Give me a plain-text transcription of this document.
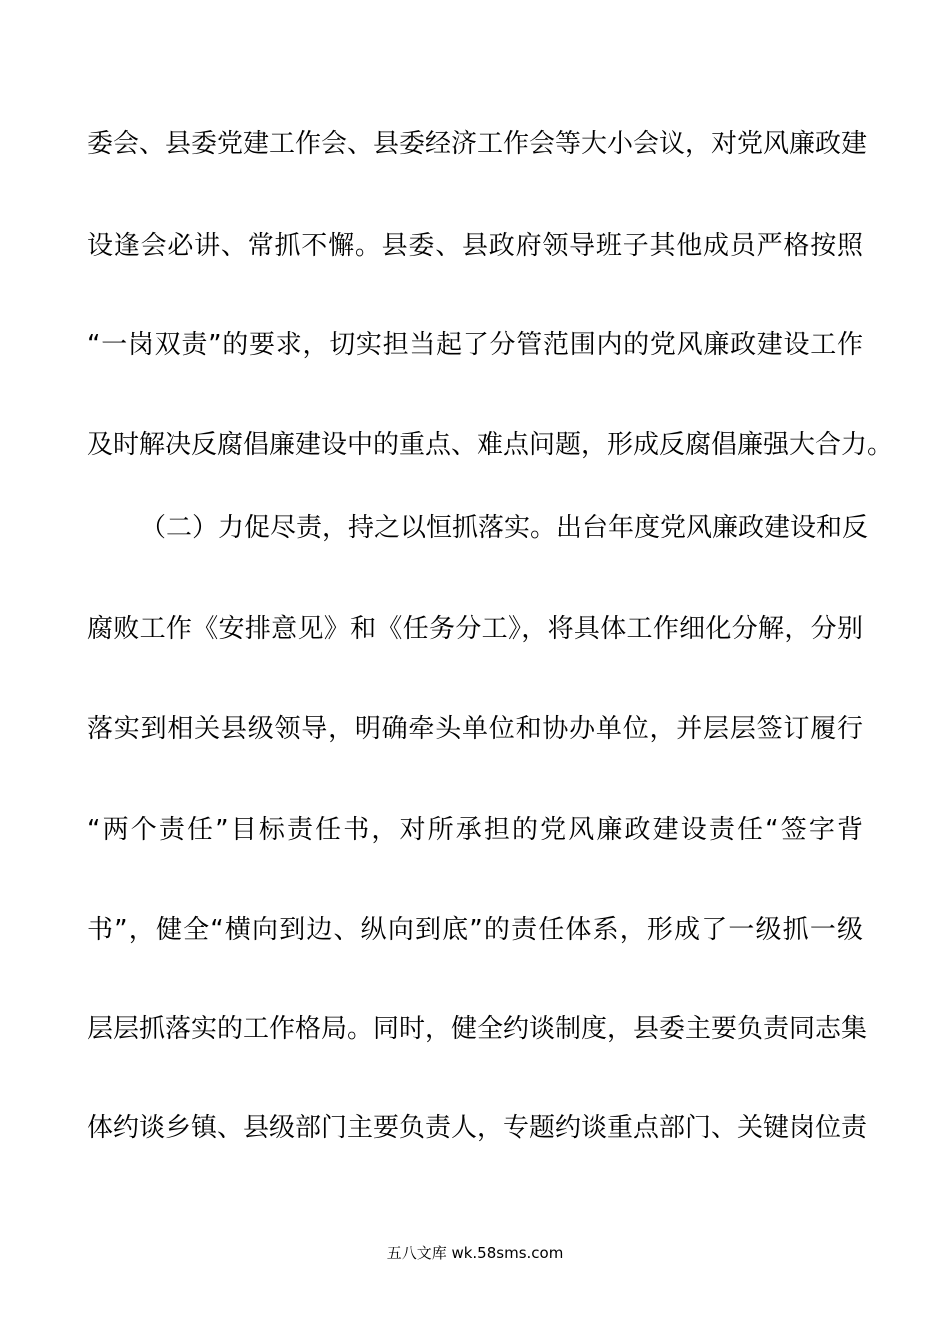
委会、县委党建工作会、县委经济工作会等大小会议，对党风廉政建
设逢会必讲、常抓不懈。县委、县政府领导班子其他成员严格按照
“一岗双责”的要求，切实担当起了分管范围内的党风廉政建设工作
及时解决反腐倡廉建设中的重点、难点问题，形成反腐倡廉强大合力。
（二）力促尽责，持之以恒抓落实。出台年度党风廉政建设和反
腐败工作《安排意见》和《任务分工》，将具体工作细化分解，分别
落实到相关县级领导，明确牵头单位和协办单位，并层层签订履行
“两个责任”目标责任书，对所承担的党风廉政建设责任“签字背
书”，健全“横向到边、纵向到底”的责任体系，形成了一级抓一级
层层抓落实的工作格局。同时，健全约谈制度，县委主要负责同志集
体约谈乡镇、县级部门主要负责人，专题约谈重点部门、关键岗位责
五八文库 wk.58sms.com
